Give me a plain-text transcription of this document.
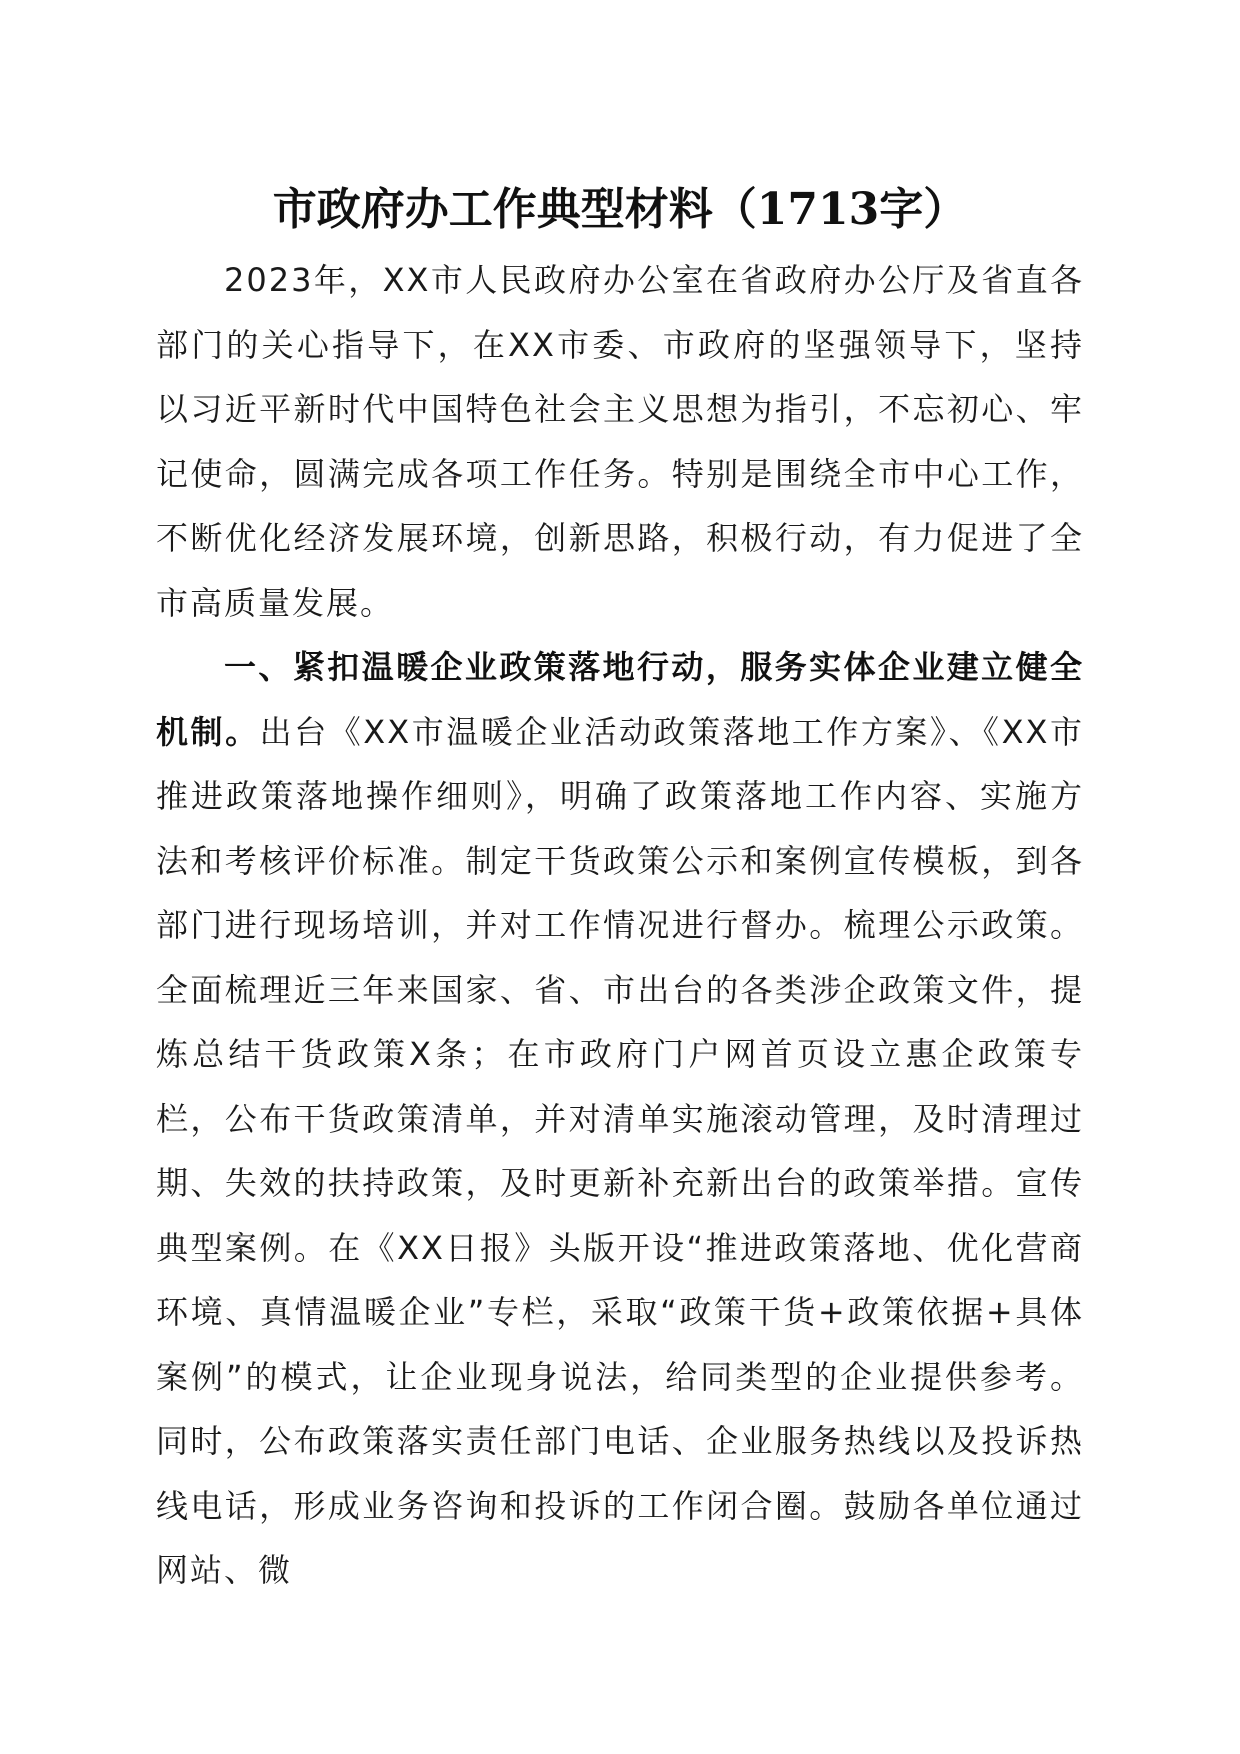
市政府办工作典型材料（1713字）

2023年，XX市人民政府办公室在省政府办公厅及省直各部门的关心指导下，在XX市委、市政府的坚强领导下，坚持以习近平新时代中国特色社会主义思想为指引，不忘初心、牢记使命，圆满完成各项工作任务。特别是围绕全市中心工作，不断优化经济发展环境，创新思路，积极行动，有力促进了全市高质量发展。

一、紧扣温暖企业政策落地行动，服务实体企业建立健全机制。出台《XX市温暖企业活动政策落地工作方案》、《XX市推进政策落地操作细则》，明确了政策落地工作内容、实施方法和考核评价标准。制定干货政策公示和案例宣传模板，到各部门进行现场培训，并对工作情况进行督办。梳理公示政策。全面梳理近三年来国家、省、市出台的各类涉企政策文件，提炼总结干货政策X条；在市政府门户网首页设立惠企政策专栏，公布干货政策清单，并对清单实施滚动管理，及时清理过期、失效的扶持政策，及时更新补充新出台的政策举措。宣传典型案例。在《XX日报》头版开设“推进政策落地、优化营商环境、真情温暖企业”专栏，采取“政策干货+政策依据+具体案例”的模式，让企业现身说法，给同类型的企业提供参考。同时，公布政策落实责任部门电话、企业服务热线以及投诉热线电话，形成业务咨询和投诉的工作闭合圈。鼓励各单位通过网站、微
